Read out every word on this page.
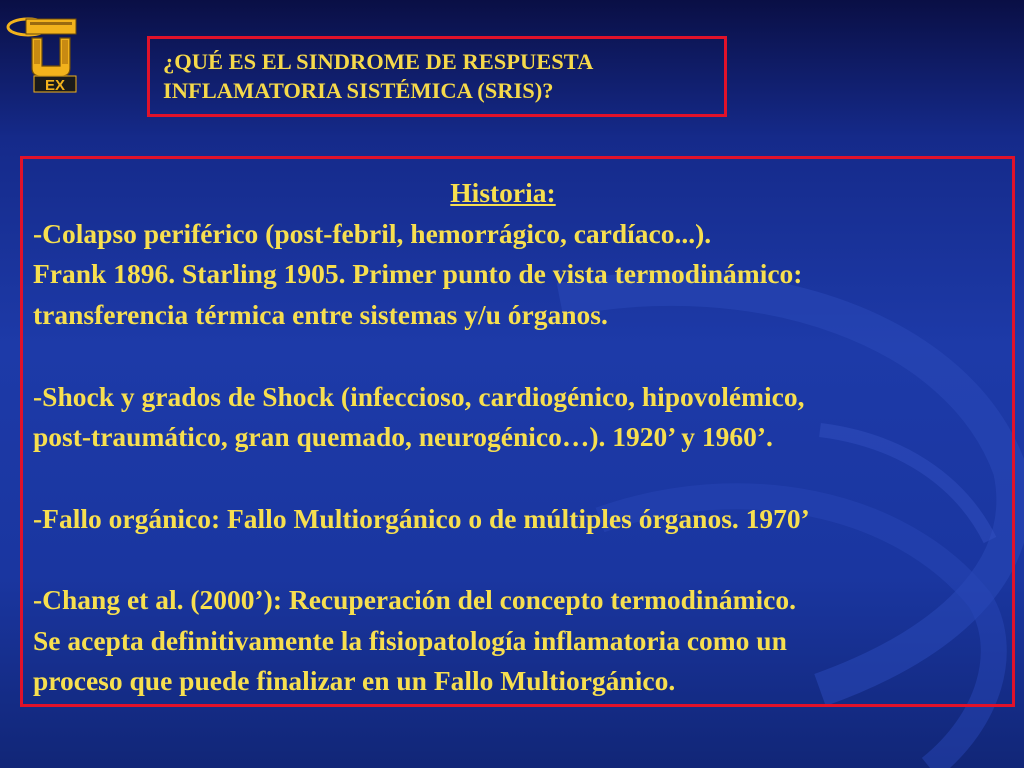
EX
¿QUÉ ES EL SINDROME DE RESPUESTA
INFLAMATORIA SISTÉMICA (SRIS)?
Historia:
-Colapso periférico (post-febril, hemorrágico, cardíaco...).
Frank 1896. Starling 1905. Primer punto de vista termodinámico:
transferencia térmica entre sistemas y/u órganos.
-Shock y grados de Shock (infeccioso, cardiogénico, hipovolémico,
post-traumático, gran quemado, neurogénico…). 1920’ y 1960’.
-Fallo orgánico: Fallo Multiorgánico o de múltiples órganos. 1970’
-Chang et al. (2000’): Recuperación del concepto termodinámico.
Se acepta definitivamente la fisiopatología inflamatoria como un
proceso que puede finalizar en un Fallo Multiorgánico.
